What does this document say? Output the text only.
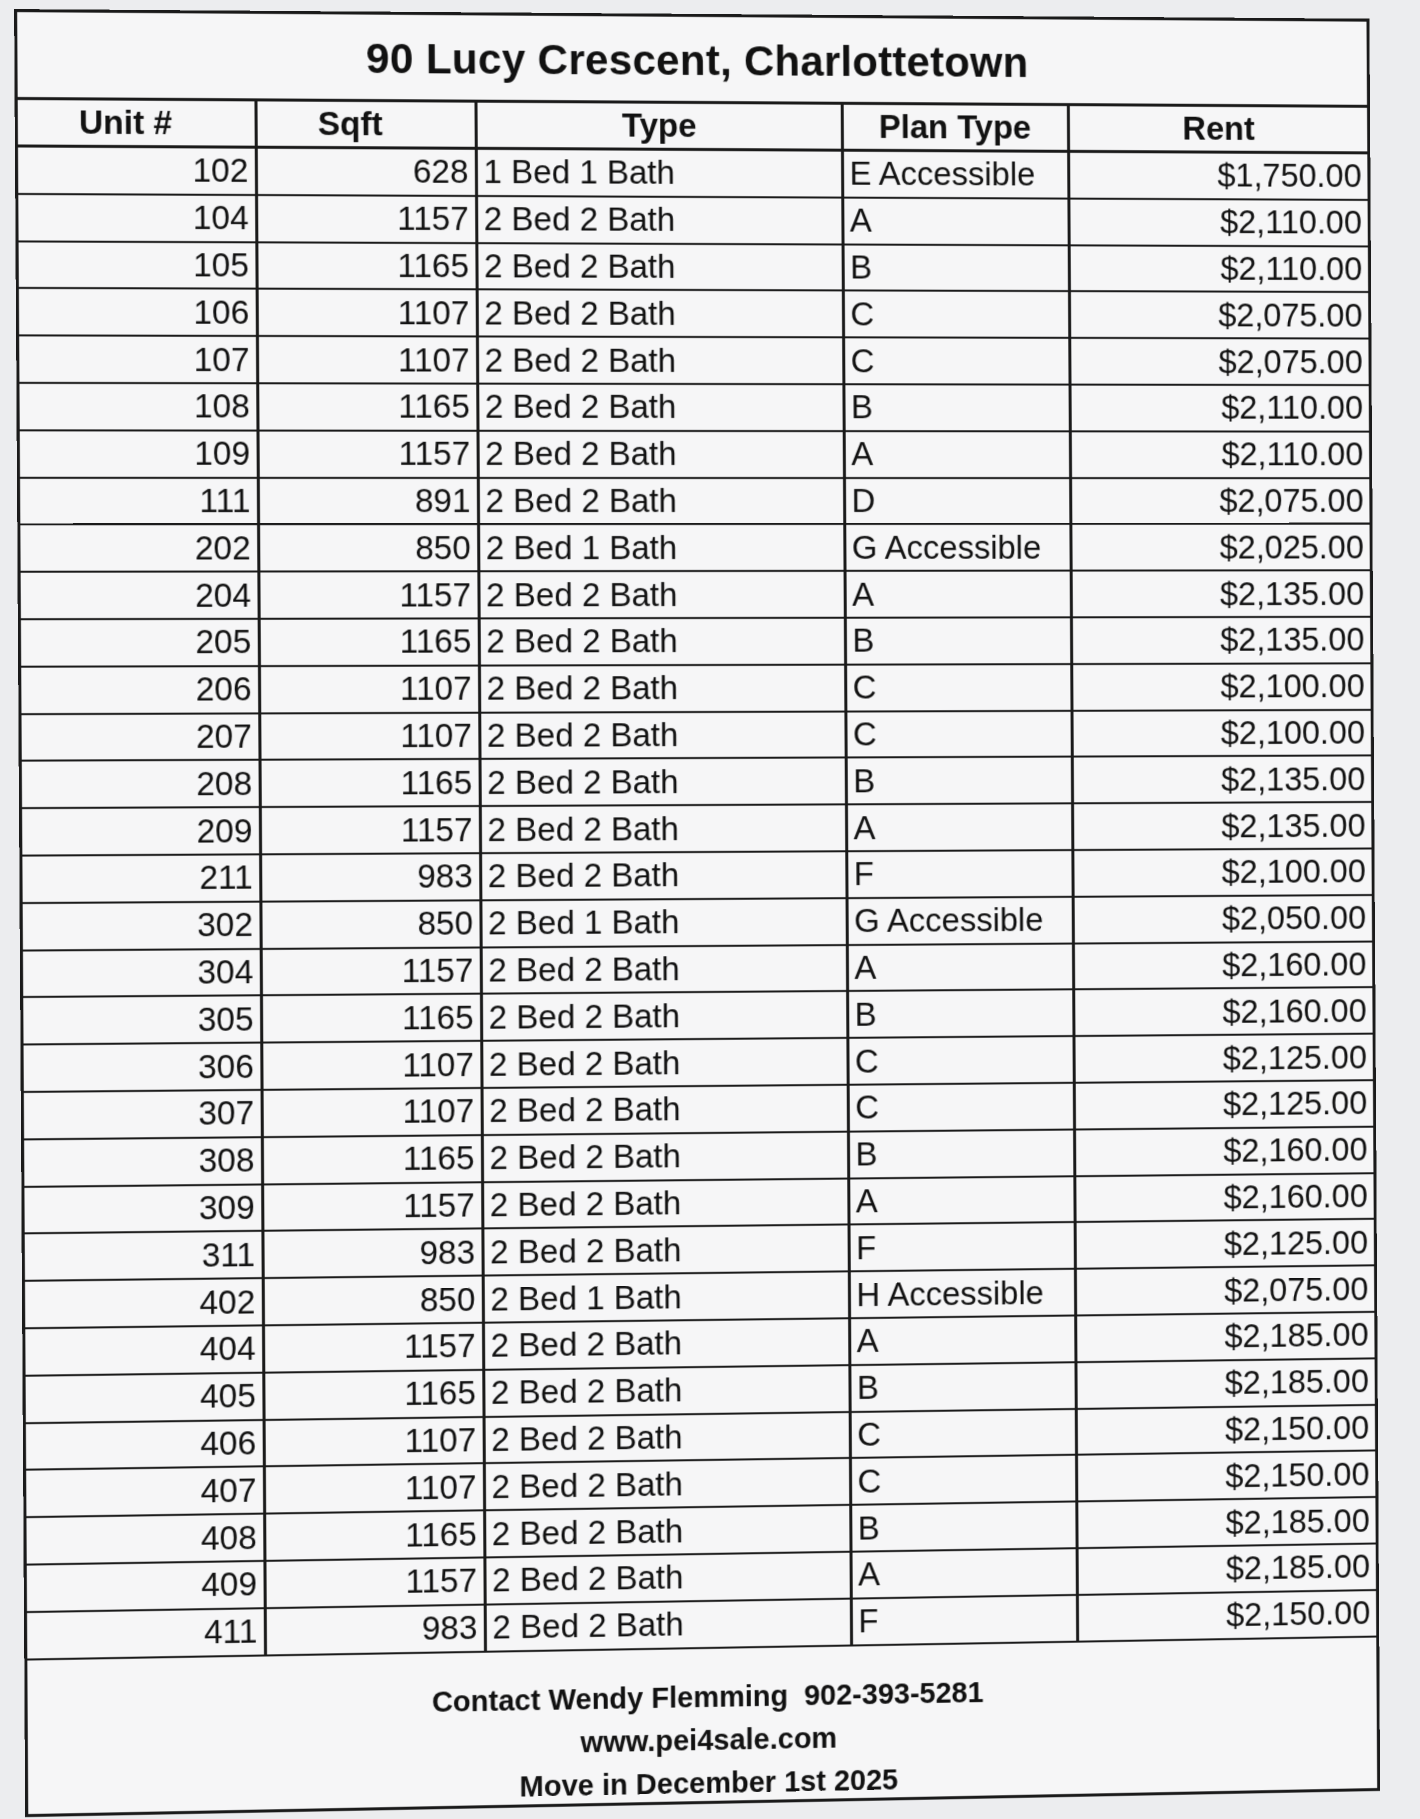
90 Lucy Crescent, Charlottetown
Unit #	Sqft	Type	Plan Type	Rent
102	628	1 Bed 1 Bath	E Accessible	$1,750.00
104	1157	2 Bed 2 Bath	A	$2,110.00
105	1165	2 Bed 2 Bath	B	$2,110.00
106	1107	2 Bed 2 Bath	C	$2,075.00
107	1107	2 Bed 2 Bath	C	$2,075.00
108	1165	2 Bed 2 Bath	B	$2,110.00
109	1157	2 Bed 2 Bath	A	$2,110.00
111	891	2 Bed 2 Bath	D	$2,075.00
202	850	2 Bed 1 Bath	G Accessible	$2,025.00
204	1157	2 Bed 2 Bath	A	$2,135.00
205	1165	2 Bed 2 Bath	B	$2,135.00
206	1107	2 Bed 2 Bath	C	$2,100.00
207	1107	2 Bed 2 Bath	C	$2,100.00
208	1165	2 Bed 2 Bath	B	$2,135.00
209	1157	2 Bed 2 Bath	A	$2,135.00
211	983	2 Bed 2 Bath	F	$2,100.00
302	850	2 Bed 1 Bath	G Accessible	$2,050.00
304	1157	2 Bed 2 Bath	A	$2,160.00
305	1165	2 Bed 2 Bath	B	$2,160.00
306	1107	2 Bed 2 Bath	C	$2,125.00
307	1107	2 Bed 2 Bath	C	$2,125.00
308	1165	2 Bed 2 Bath	B	$2,160.00
309	1157	2 Bed 2 Bath	A	$2,160.00
311	983	2 Bed 2 Bath	F	$2,125.00
402	850	2 Bed 1 Bath	H Accessible	$2,075.00
404	1157	2 Bed 2 Bath	A	$2,185.00
405	1165	2 Bed 2 Bath	B	$2,185.00
406	1107	2 Bed 2 Bath	C	$2,150.00
407	1107	2 Bed 2 Bath	C	$2,150.00
408	1165	2 Bed 2 Bath	B	$2,185.00
409	1157	2 Bed 2 Bath	A	$2,185.00
411	983	2 Bed 2 Bath	F	$2,150.00
Contact Wendy Flemming 902-393-5281
www.pei4sale.com
Move in December 1st 2025
